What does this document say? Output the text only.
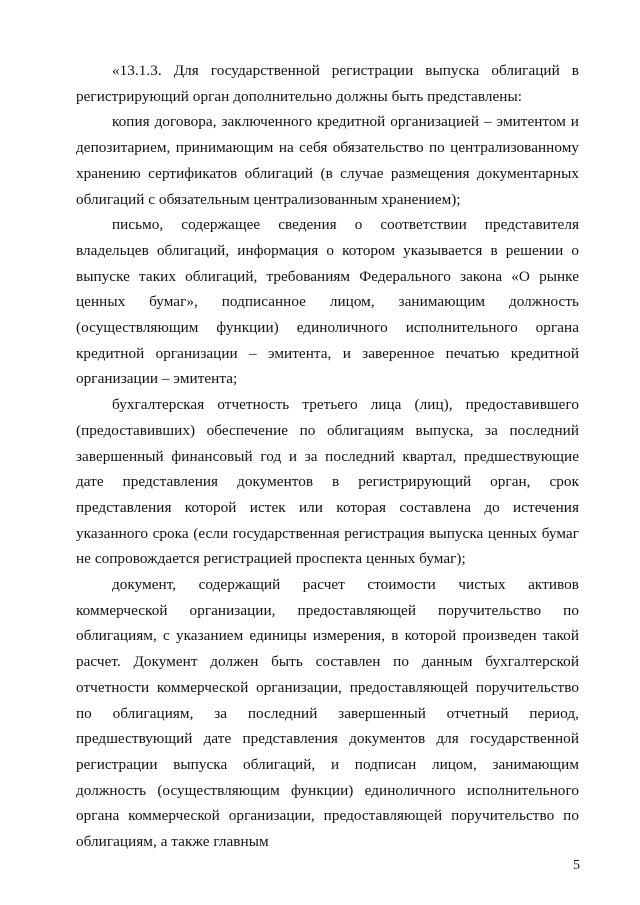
«13.1.3. Для государственной регистрации выпуска облигаций в регистрирующий орган дополнительно должны быть представлены:

копия договора, заключенного кредитной организацией – эмитентом и депозитарием, принимающим на себя обязательство по централизованному хранению сертификатов облигаций (в случае размещения документарных облигаций с обязательным централизованным хранением);

письмо, содержащее сведения о соответствии представителя владельцев облигаций, информация о котором указывается в решении о выпуске таких облигаций, требованиям Федерального закона «О рынке ценных бумаг», подписанное лицом, занимающим должность (осуществляющим функции) единоличного исполнительного органа кредитной организации – эмитента, и заверенное печатью кредитной организации – эмитента;

бухгалтерская отчетность третьего лица (лиц), предоставившего (предоставивших) обеспечение по облигациям выпуска, за последний завершенный финансовый год и за последний квартал, предшествующие дате представления документов в регистрирующий орган, срок представления которой истек или которая составлена до истечения указанного срока (если государственная регистрация выпуска ценных бумаг не сопровождается регистрацией проспекта ценных бумаг);

документ, содержащий расчет стоимости чистых активов коммерческой организации, предоставляющей поручительство по облигациям, с указанием единицы измерения, в которой произведен такой расчет. Документ должен быть составлен по данным бухгалтерской отчетности коммерческой организации, предоставляющей поручительство по облигациям, за последний завершенный отчетный период, предшествующий дате представления документов для государственной регистрации выпуска облигаций, и подписан лицом, занимающим должность (осуществляющим функции) единоличного исполнительного органа коммерческой организации, предоставляющей поручительство по облигациям, а также главным

5
